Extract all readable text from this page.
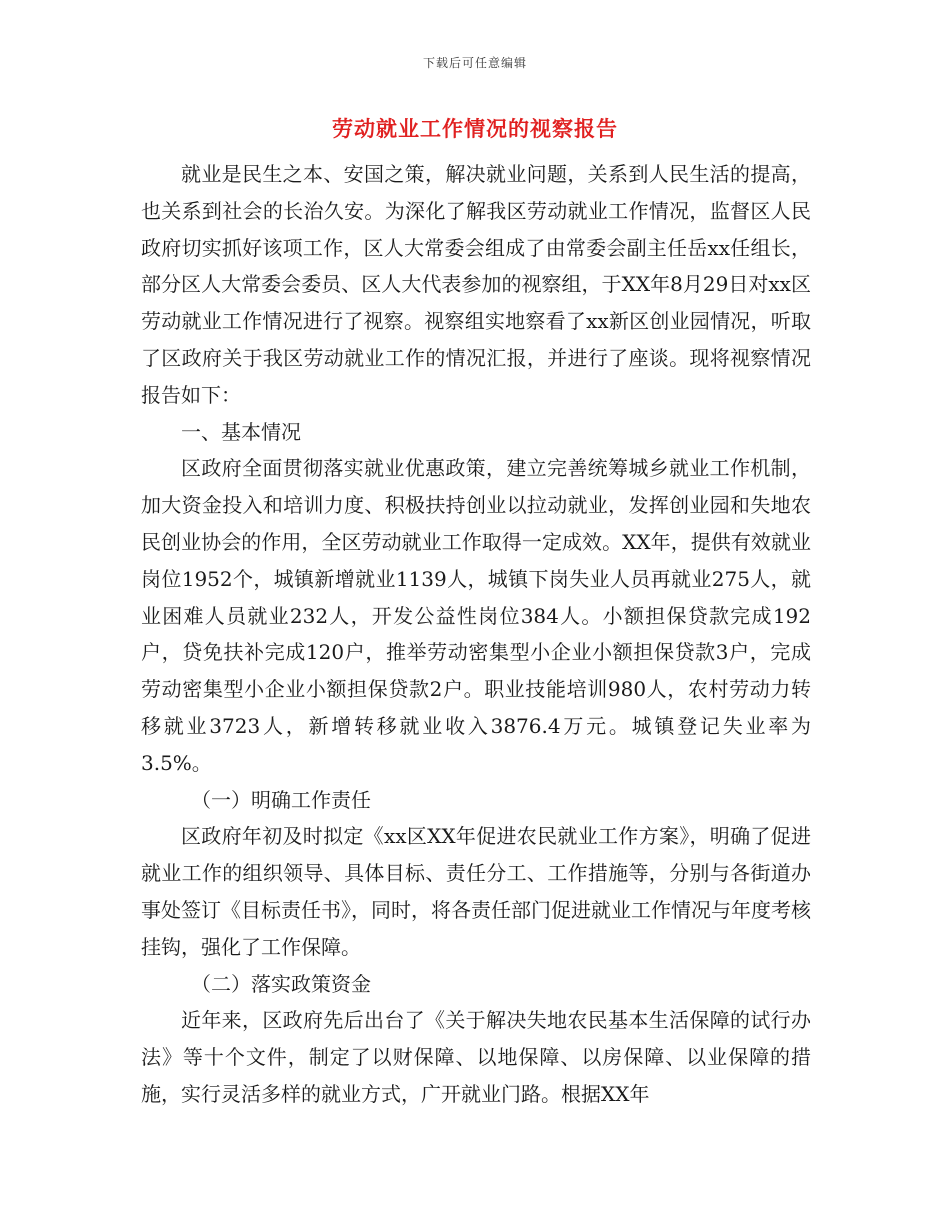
下载后可任意编辑
劳动就业工作情况的视察报告

就业是民生之本、安国之策，解决就业问题，关系到人民生活的提高，也关系到社会的长治久安。为深化了解我区劳动就业工作情况，监督区人民政府切实抓好该项工作，区人大常委会组成了由常委会副主任岳xx任组长，部分区人大常委会委员、区人大代表参加的视察组，于XX年8月29日对xx区劳动就业工作情况进行了视察。视察组实地察看了xx新区创业园情况，听取了区政府关于我区劳动就业工作的情况汇报，并进行了座谈。现将视察情况报告如下：

一、基本情况

区政府全面贯彻落实就业优惠政策，建立完善统筹城乡就业工作机制，加大资金投入和培训力度、积极扶持创业以拉动就业，发挥创业园和失地农民创业协会的作用，全区劳动就业工作取得一定成效。XX年，提供有效就业岗位1952个，城镇新增就业1139人，城镇下岗失业人员再就业275人，就业困难人员就业232人，开发公益性岗位384人。小额担保贷款完成192户，贷免扶补完成120户，推举劳动密集型小企业小额担保贷款3户，完成劳动密集型小企业小额担保贷款2户。职业技能培训980人，农村劳动力转移就业3723人，新增转移就业收入3876.4万元。城镇登记失业率为3.5%。

（一）明确工作责任

区政府年初及时拟定《xx区XX年促进农民就业工作方案》，明确了促进就业工作的组织领导、具体目标、责任分工、工作措施等，分别与各街道办事处签订《目标责任书》，同时，将各责任部门促进就业工作情况与年度考核挂钩，强化了工作保障。

（二）落实政策资金

近年来，区政府先后出台了《关于解决失地农民基本生活保障的试行办法》等十个文件，制定了以财保障、以地保障、以房保障、以业保障的措施，实行灵活多样的就业方式，广开就业门路。根据XX年
